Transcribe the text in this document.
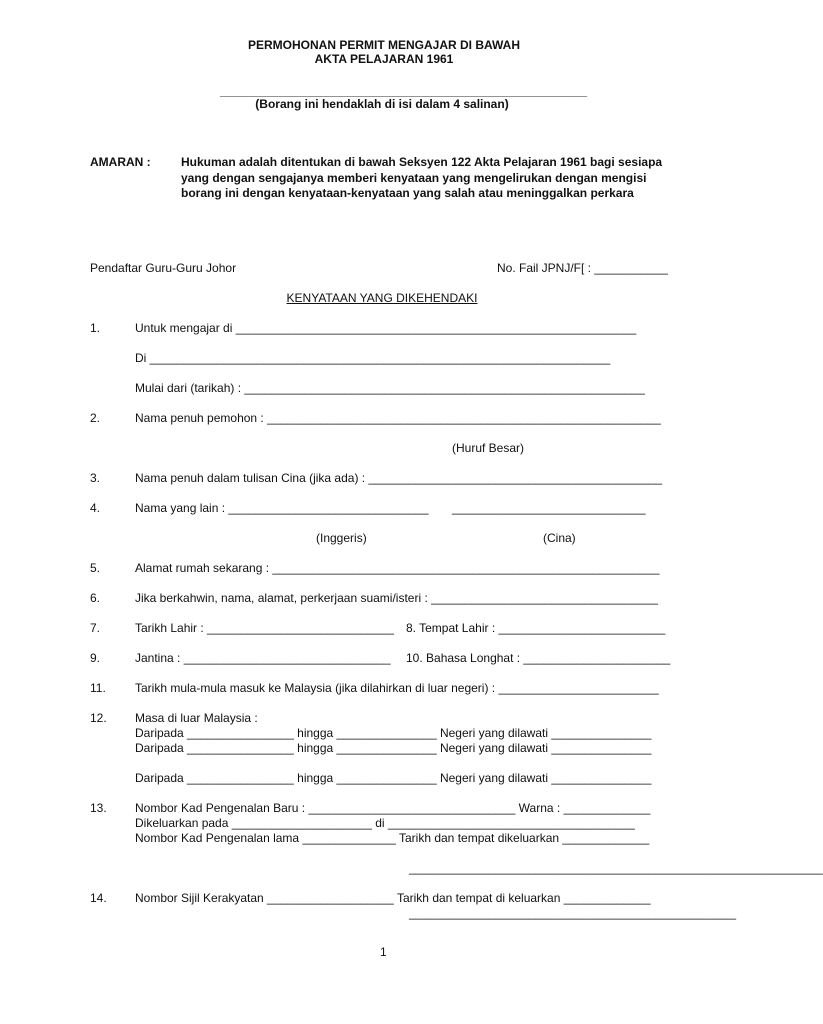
PERMOHONAN PERMIT MENGAJAR DI BAWAH
AKTA PELAJARAN 1961
_______________________________________________________
(Borang ini hendaklah di isi dalam 4 salinan)
AMARAN :	Hukuman adalah ditentukan di bawah Seksyen 122 Akta Pelajaran 1961 bagi sesiapa yang dengan sengajanya memberi kenyataan yang mengelirukan dengan mengisi borang ini dengan kenyataan-kenyataan yang salah atau meninggalkan perkara
Pendaftar Guru-Guru Johor	No. Fail JPNJ/F[ : ___________
KENYATAAN YANG DIKEHENDAKI
1.	Untuk mengajar di ____________________________________________________________
Di _____________________________________________________________________
Mulai dari (tarikah) : ____________________________________________________________
2.	Nama penuh pemohon : ___________________________________________________________
(Huruf Besar)
3.	Nama penuh dalam tulisan Cina (jika ada) : ____________________________________________
4.	Nama yang lain : ______________________________ _____________________________
(Inggeris)	(Cina)
5.	Alamat rumah sekarang : __________________________________________________________
6.	Jika berkahwin, nama, alamat, perkerjaan suami/isteri : __________________________________
7.	Tarikh Lahir : ____________________________ 8. Tempat Lahir : _________________________
9.	Jantina : _______________________________ 10. Bahasa Longhat : ______________________
11. Tarikh mula-mula masuk ke Malaysia (jika dilahirkan di luar negeri) : ________________________
12. Masa di luar Malaysia :
Daripada ________________ hingga _______________ Negeri yang dilawati _______________
Daripada ________________ hingga _______________ Negeri yang dilawati _______________
Daripada ________________ hingga _______________ Negeri yang dilawati _______________
13. Nombor Kad Pengenalan Baru : _______________________________ Warna : _____________
Dikeluarkan pada _____________________ di _____________________________________
Nombor Kad Pengenalan lama ______________ Tarikh dan tempat dikeluarkan _____________
______________________________________________________________
14. Nombor Sijil Kerakyatan ___________________ Tarikh dan tempat di keluarkan _____________
_________________________________________________
1
